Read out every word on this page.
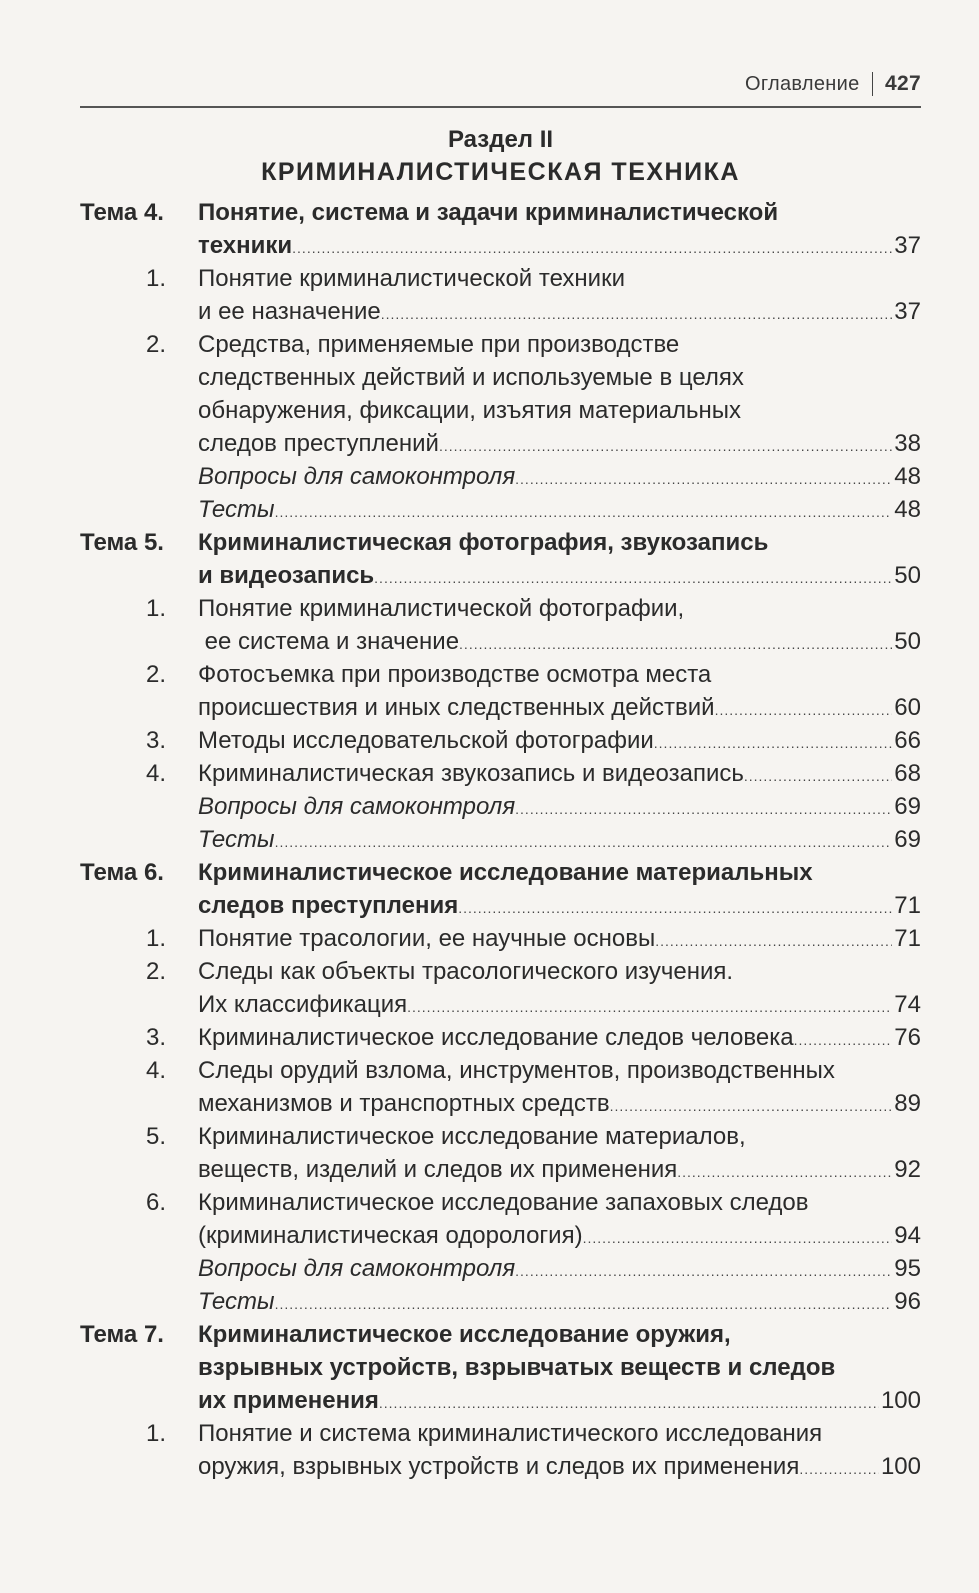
Оглавление 427
Раздел II
КРИМИНАЛИСТИЧЕСКАЯ ТЕХНИКА
Тема 4. Понятие, система и задачи криминалистической
техники .....	37
1. Понятие криминалистической техники
и ее назначение .....	37
2. Средства, применяемые при производстве
следственных действий и используемые в целях
обнаружения, фиксации, изъятия материальных
следов преступлений .....	38
Вопросы для самоконтроля .....	48
Тесты .....	48
Тема 5. Криминалистическая фотография, звукозапись
и видеозапись .....	50
1. Понятие криминалистической фотографии,
ее система и значение .....	50
2. Фотосъемка при производстве осмотра места
происшествия и иных следственных действий .....	60
3. Методы исследовательской фотографии .....	66
4. Криминалистическая звукозапись и видеозапись .....	68
Вопросы для самоконтроля .....	69
Тесты .....	69
Тема 6. Криминалистическое исследование материальных
следов преступления .....	71
1. Понятие трасологии, ее научные основы .....	71
2. Следы как объекты трасологического изучения.
Их классификация .....	74
3. Криминалистическое исследование следов человека .....	76
4. Следы орудий взлома, инструментов, производственных
механизмов и транспортных средств .....	89
5. Криминалистическое исследование материалов,
веществ, изделий и следов их применения .....	92
6. Криминалистическое исследование запаховых следов
(криминалистическая одорология) .....	94
Вопросы для самоконтроля .....	95
Тесты .....	96
Тема 7. Криминалистическое исследование оружия,
взрывных устройств, взрывчатых веществ и следов
их применения .....	100
1. Понятие и система криминалистического исследования
оружия, взрывных устройств и следов их применения .....	100
